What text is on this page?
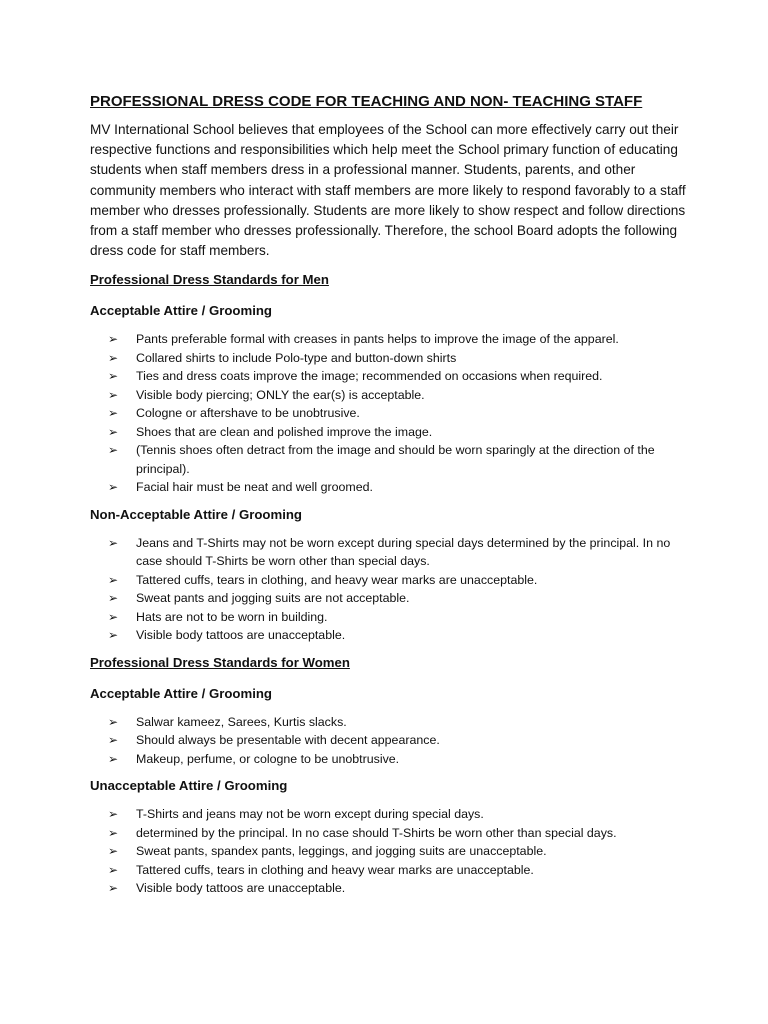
PROFESSIONAL DRESS CODE FOR TEACHING AND NON- TEACHING STAFF
MV International School believes that employees of the School can more effectively carry out their respective functions and responsibilities which help meet the School primary function of educating students when staff members dress in a professional manner. Students, parents, and other community members who interact with staff members are more likely to respond favorably to a staff member who dresses professionally. Students are more likely to show respect and follow directions from a staff member who dresses professionally. Therefore, the school Board adopts the following dress code for staff members.
Professional Dress Standards for Men
Acceptable Attire / Grooming
➢ Pants preferable formal with creases in pants helps to improve the image of the apparel.
➢ Collared shirts to include Polo-type and button-down shirts
➢ Ties and dress coats improve the image; recommended on occasions when required.
➢ Visible body piercing; ONLY the ear(s) is acceptable.
➢ Cologne or aftershave to be unobtrusive.
➢ Shoes that are clean and polished improve the image.
➢ (Tennis shoes often detract from the image and should be worn sparingly at the direction of the principal).
➢ Facial hair must be neat and well groomed.
Non-Acceptable Attire / Grooming
➢ Jeans and T-Shirts may not be worn except during special days determined by the principal. In no case should T-Shirts be worn other than special days.
➢ Tattered cuffs, tears in clothing, and heavy wear marks are unacceptable.
➢ Sweat pants and jogging suits are not acceptable.
➢ Hats are not to be worn in building.
➢ Visible body tattoos are unacceptable.
Professional Dress Standards for Women
Acceptable Attire / Grooming
➢ Salwar kameez, Sarees, Kurtis slacks.
➢ Should always be presentable with decent appearance.
➢ Makeup, perfume, or cologne to be unobtrusive.
Unacceptable Attire / Grooming
➢ T-Shirts and jeans may not be worn except during special days.
➢ determined by the principal. In no case should T-Shirts be worn other than special days.
➢ Sweat pants, spandex pants, leggings, and jogging suits are unacceptable.
➢ Tattered cuffs, tears in clothing and heavy wear marks are unacceptable.
➢ Visible body tattoos are unacceptable.
